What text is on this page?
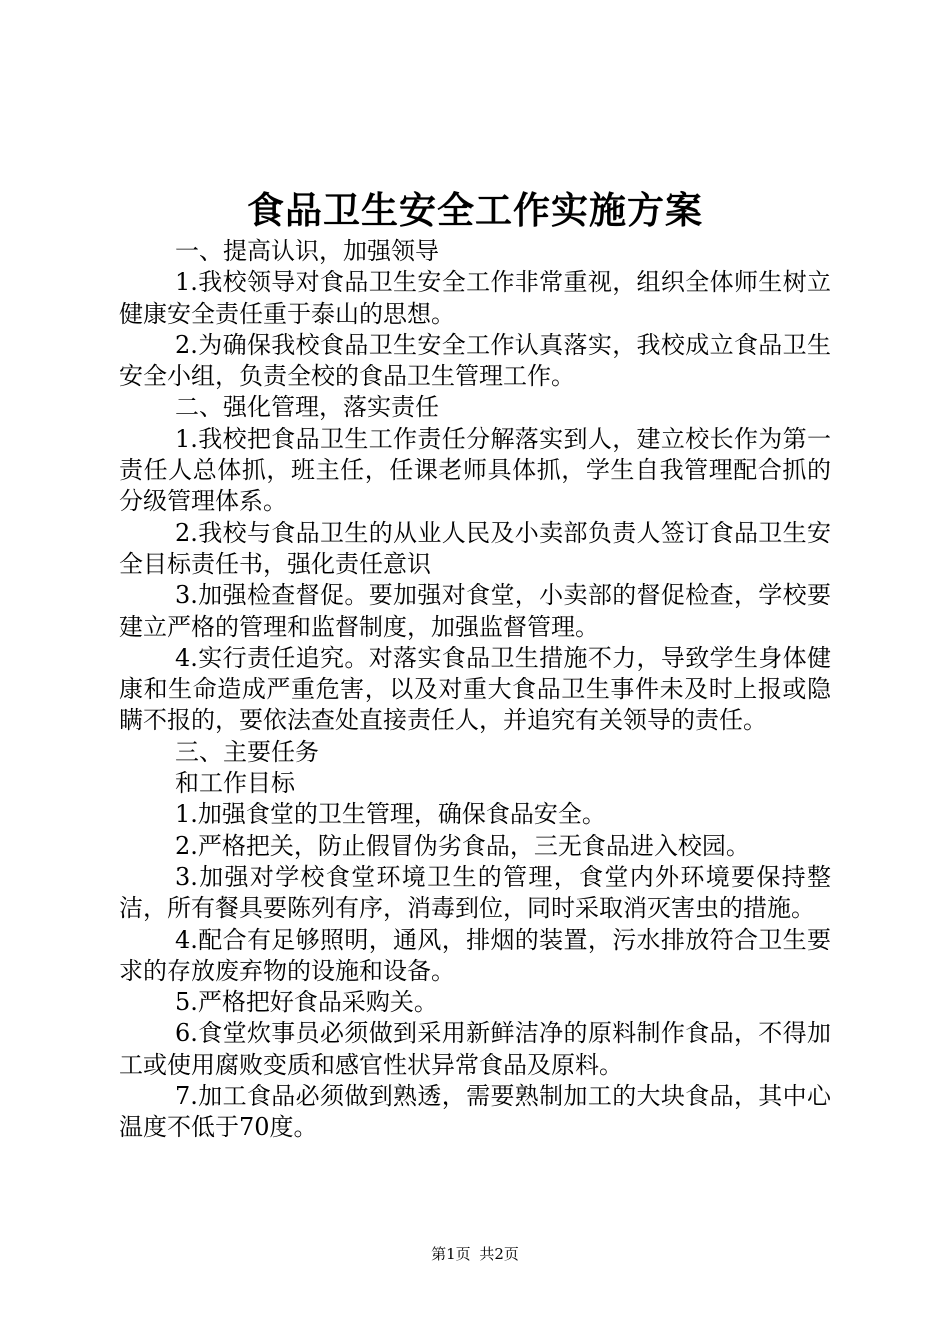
食品卫生安全工作实施方案

一、提高认识，加强领导

1.我校领导对食品卫生安全工作非常重视，组织全体师生树立健康安全责任重于泰山的思想。

2.为确保我校食品卫生安全工作认真落实，我校成立食品卫生安全小组，负责全校的食品卫生管理工作。

二、强化管理，落实责任

1.我校把食品卫生工作责任分解落实到人，建立校长作为第一责任人总体抓，班主任，任课老师具体抓，学生自我管理配合抓的分级管理体系。

2.我校与食品卫生的从业人民及小卖部负责人签订食品卫生安全目标责任书，强化责任意识

3.加强检查督促。要加强对食堂，小卖部的督促检查，学校要建立严格的管理和监督制度，加强监督管理。

4.实行责任追究。对落实食品卫生措施不力，导致学生身体健康和生命造成严重危害，以及对重大食品卫生事件未及时上报或隐瞒不报的，要依法查处直接责任人，并追究有关领导的责任。

三、主要任务

和工作目标

1.加强食堂的卫生管理，确保食品安全。

2.严格把关，防止假冒伪劣食品，三无食品进入校园。

3.加强对学校食堂环境卫生的管理，食堂内外环境要保持整洁，所有餐具要陈列有序，消毒到位，同时采取消灭害虫的措施。

4.配合有足够照明，通风，排烟的装置，污水排放符合卫生要求的存放废弃物的设施和设备。

5.严格把好食品采购关。

6.食堂炊事员必须做到采用新鲜洁净的原料制作食品，不得加工或使用腐败变质和感官性状异常食品及原料。

7.加工食品必须做到熟透，需要熟制加工的大块食品，其中心温度不低于70度。

第1页 共2页
